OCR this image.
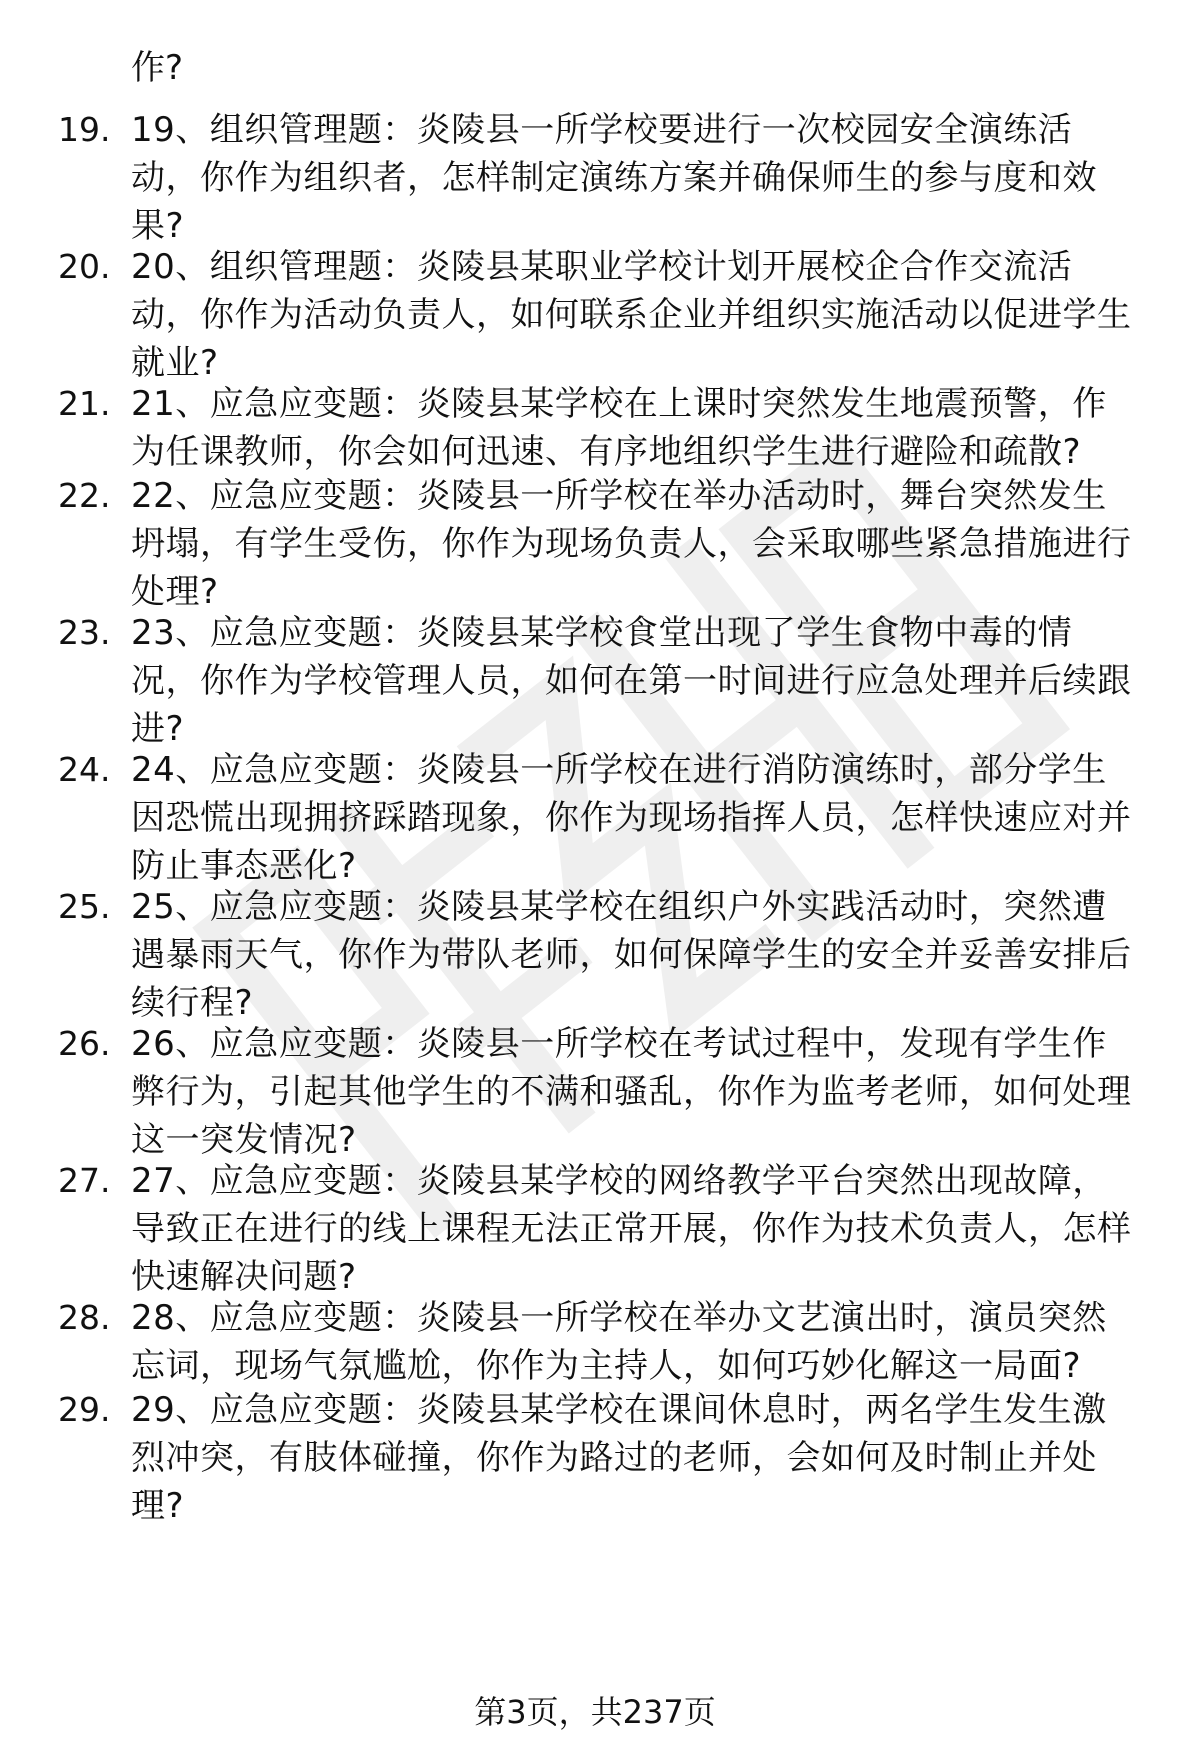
作?

19. 19、组织管理题：炎陵县一所学校要进行一次校园安全演练活动，你作为组织者，怎样制定演练方案并确保师生的参与度和效果?

20. 20、组织管理题：炎陵县某职业学校计划开展校企合作交流活动，你作为活动负责人，如何联系企业并组织实施活动以促进学生就业?

21. 21、应急应变题：炎陵县某学校在上课时突然发生地震预警，作为任课教师，你会如何迅速、有序地组织学生进行避险和疏散?

22. 22、应急应变题：炎陵县一所学校在举办活动时，舞台突然发生坍塌，有学生受伤，你作为现场负责人，会采取哪些紧急措施进行处理?

23. 23、应急应变题：炎陵县某学校食堂出现了学生食物中毒的情况，你作为学校管理人员，如何在第一时间进行应急处理并后续跟进?

24. 24、应急应变题：炎陵县一所学校在进行消防演练时，部分学生因恐慌出现拥挤踩踏现象，你作为现场指挥人员，怎样快速应对并防止事态恶化?

25. 25、应急应变题：炎陵县某学校在组织户外实践活动时，突然遭遇暴雨天气，你作为带队老师，如何保障学生的安全并妥善安排后续行程?

26. 26、应急应变题：炎陵县一所学校在考试过程中，发现有学生作弊行为，引起其他学生的不满和骚乱，你作为监考老师，如何处理这一突发情况?

27. 27、应急应变题：炎陵县某学校的网络教学平台突然出现故障，导致正在进行的线上课程无法正常开展，你作为技术负责人，怎样快速解决问题?

28. 28、应急应变题：炎陵县一所学校在举办文艺演出时，演员突然忘词，现场气氛尴尬，你作为主持人，如何巧妙化解这一局面?

29. 29、应急应变题：炎陵县某学校在课间休息时，两名学生发生激烈冲突，有肢体碰撞，你作为路过的老师，会如何及时制止并处理?

第3页，共237页
